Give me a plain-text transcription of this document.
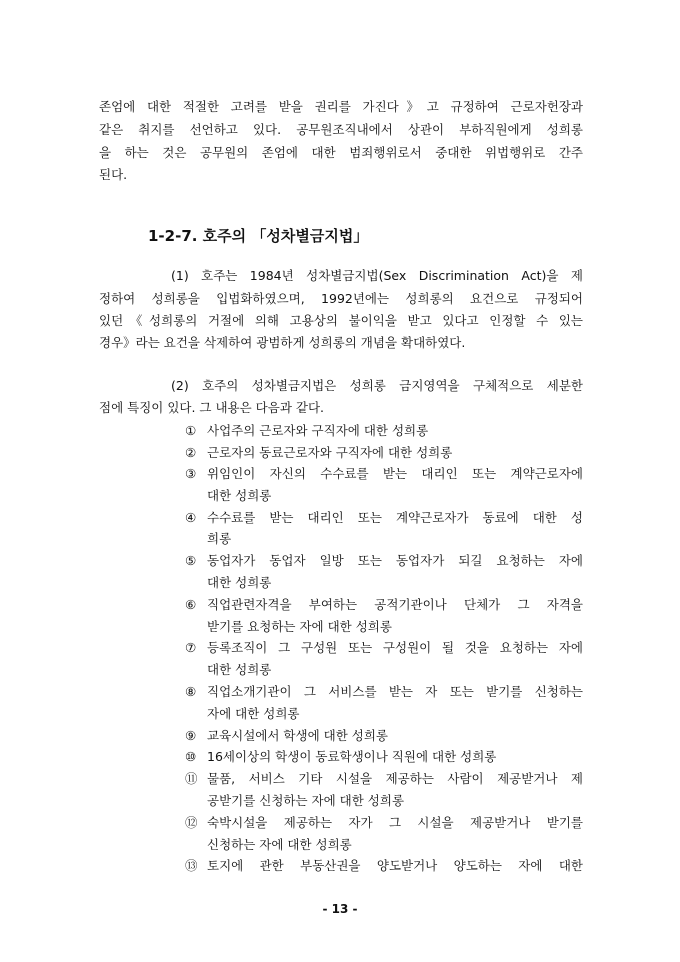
존엄에 대한 적절한 고려를 받을 권리를 가진다》고 규정하여 근로자헌장과
같은 취지를 선언하고 있다. 공무원조직내에서 상관이 부하직원에게 성희롱
을 하는 것은 공무원의 존엄에 대한 범죄행위로서 중대한 위법행위로 간주
된다.
1-2-7. 호주의 「성차별금지법」
(1) 호주는 1984년 성차별금지법(Sex Discrimination Act)을 제
정하여 성희롱을 입법화하였으며, 1992년에는 성희롱의 요건으로 규정되어
있던《성희롱의 거절에 의해 고용상의 불이익을 받고 있다고 인정할 수 있는
경우》라는 요건을 삭제하여 광범하게 성희롱의 개념을 확대하였다.
(2) 호주의 성차별금지법은 성희롱 금지영역을 구체적으로 세분한
점에 특징이 있다. 그 내용은 다음과 같다.
① 사업주의 근로자와 구직자에 대한 성희롱
② 근로자의 동료근로자와 구직자에 대한 성희롱
③ 위임인이 자신의 수수료를 받는 대리인 또는 계약근로자에
대한 성희롱
④ 수수료를 받는 대리인 또는 계약근로자가 동료에 대한 성
희롱
⑤ 동업자가 동업자 일방 또는 동업자가 되길 요청하는 자에
대한 성희롱
⑥ 직업관련자격을 부여하는 공적기관이나 단체가 그 자격을
받기를 요청하는 자에 대한 성희롱
⑦ 등록조직이 그 구성원 또는 구성원이 될 것을 요청하는 자에
대한 성희롱
⑧ 직업소개기관이 그 서비스를 받는 자 또는 받기를 신청하는
자에 대한 성희롱
⑨ 교육시설에서 학생에 대한 성희롱
⑩ 16세이상의 학생이 동료학생이나 직원에 대한 성희롱
⑪ 물품, 서비스 기타 시설을 제공하는 사람이 제공받거나 제
공받기를 신청하는 자에 대한 성희롱
⑫ 숙박시설을 제공하는 자가 그 시설을 제공받거나 받기를
신청하는 자에 대한 성희롱
⑬ 토지에 관한 부동산권을 양도받거나 양도하는 자에 대한
- 13 -
